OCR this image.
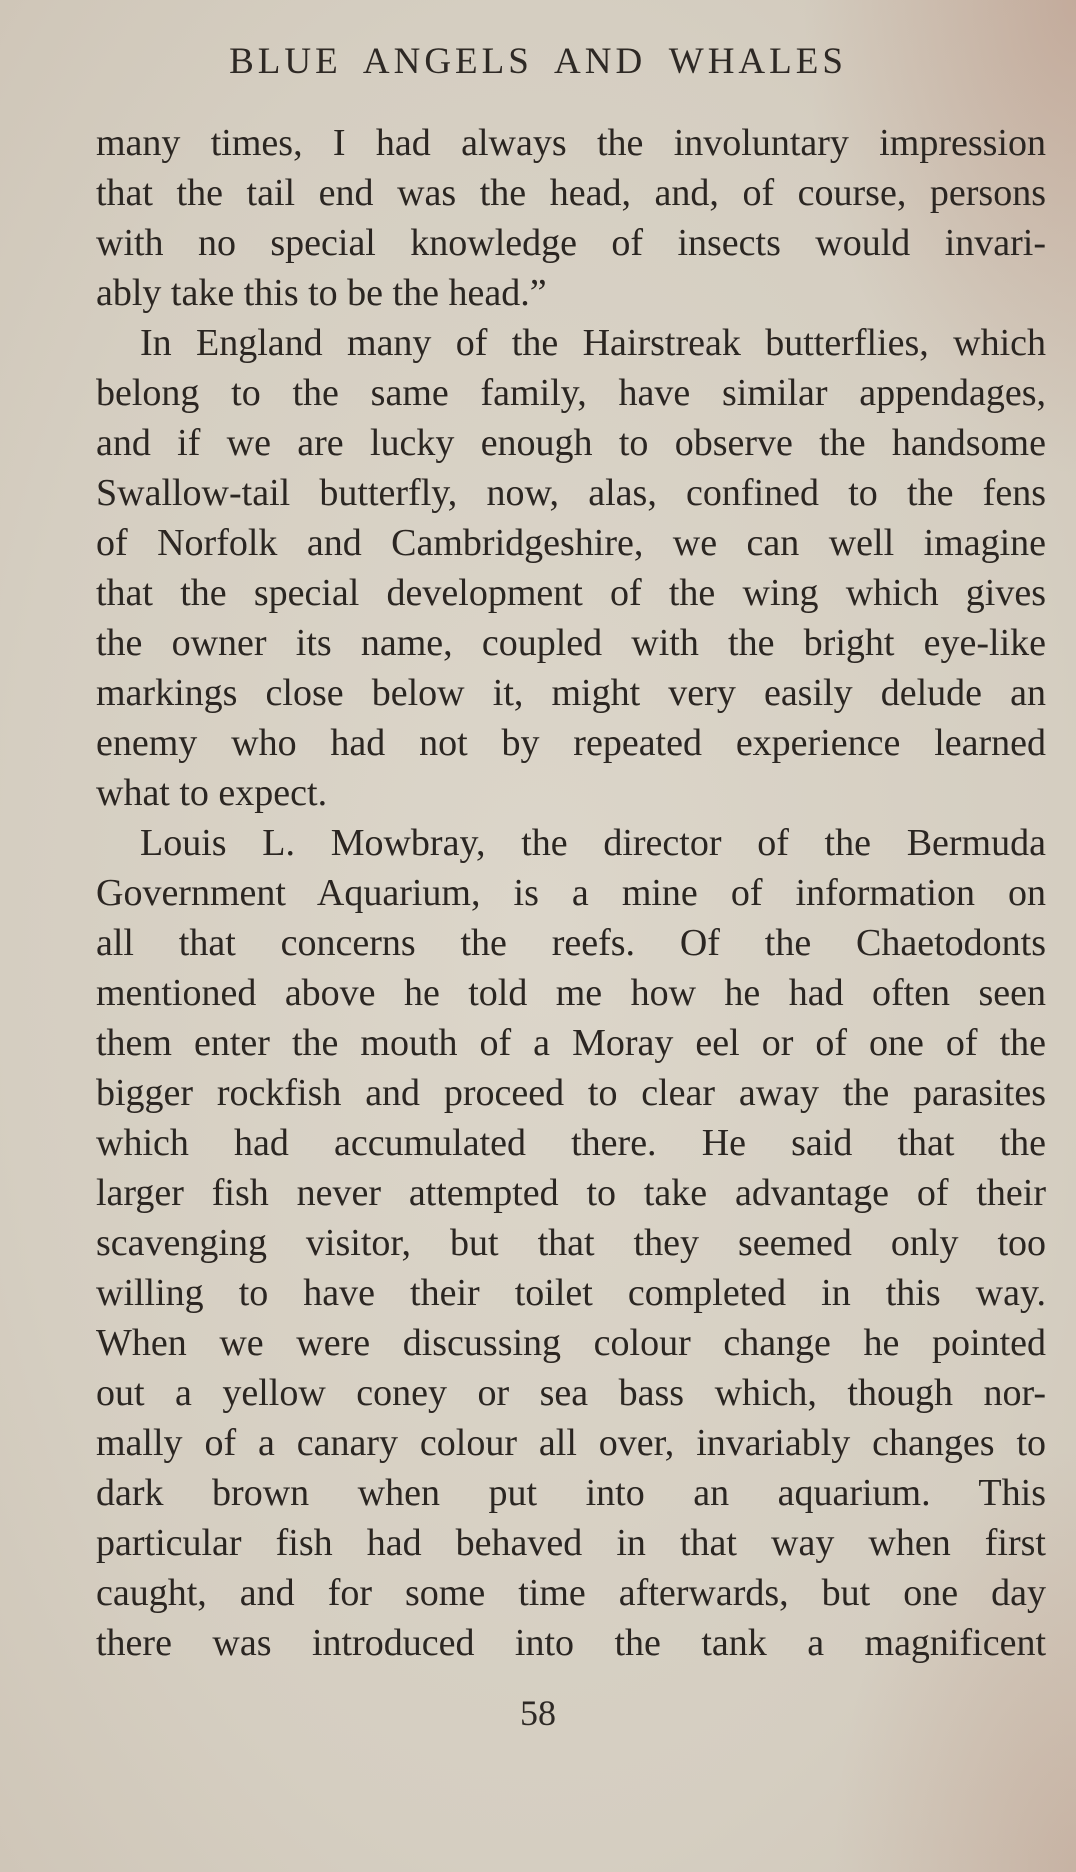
BLUE ANGELS AND WHALES
many times, I had always the involuntary impression
that the tail end was the head, and, of course, persons
with no special knowledge of insects would invari-
ably take this to be the head.”
In England many of the Hairstreak butterflies, which
belong to the same family, have similar appendages,
and if we are lucky enough to observe the handsome
Swallow-tail butterfly, now, alas, confined to the fens
of Norfolk and Cambridgeshire, we can well imagine
that the special development of the wing which gives
the owner its name, coupled with the bright eye-like
markings close below it, might very easily delude an
enemy who had not by repeated experience learned
what to expect.
Louis L. Mowbray, the director of the Bermuda
Government Aquarium, is a mine of information on
all that concerns the reefs. Of the Chaetodonts
mentioned above he told me how he had often seen
them enter the mouth of a Moray eel or of one of the
bigger rockfish and proceed to clear away the parasites
which had accumulated there. He said that the
larger fish never attempted to take advantage of their
scavenging visitor, but that they seemed only too
willing to have their toilet completed in this way.
When we were discussing colour change he pointed
out a yellow coney or sea bass which, though nor-
mally of a canary colour all over, invariably changes to
dark brown when put into an aquarium. This
particular fish had behaved in that way when first
caught, and for some time afterwards, but one day
there was introduced into the tank a magnificent
58
